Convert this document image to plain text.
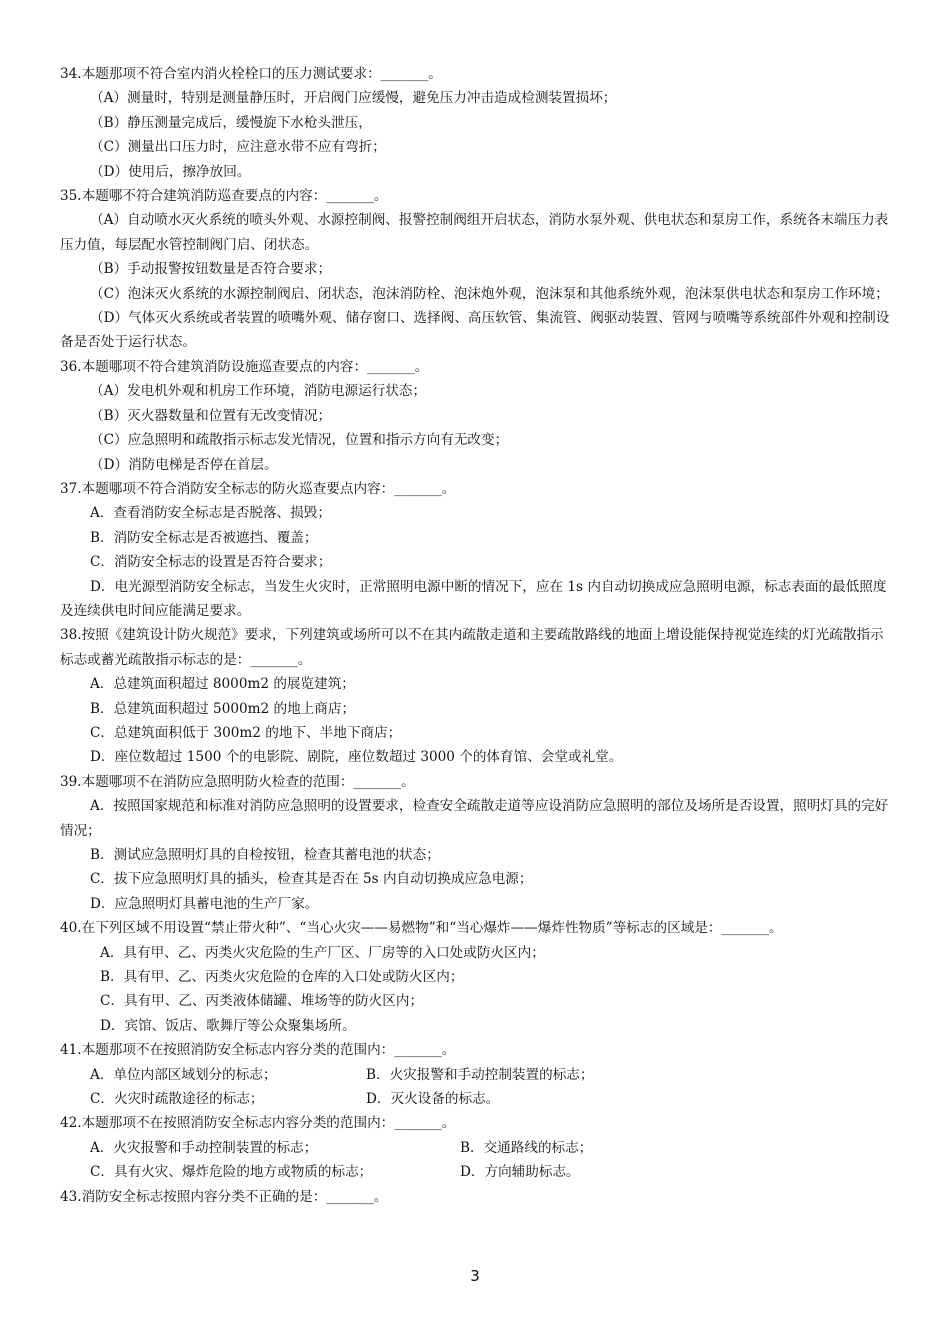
34.本题那项不符合室内消火栓栓口的压力测试要求：_______。
（A）测量时，特别是测量静压时，开启阀门应缓慢，避免压力冲击造成检测装置损坏；
（B）静压测量完成后，缓慢旋下水枪头泄压，
（C）测量出口压力时，应注意水带不应有弯折；
（D）使用后，擦净放回。
35.本题哪不符合建筑消防巡查要点的内容：_______。
（A）自动喷水灭火系统的喷头外观、水源控制阀、报警控制阀组开启状态，消防水泵外观、供电状态和泵房工作，系统各末端压力表压力值，每层配水管控制阀门启、闭状态。
（B）手动报警按钮数量是否符合要求；
（C）泡沫灭火系统的水源控制阀启、闭状态，泡沫消防栓、泡沫炮外观，泡沫泵和其他系统外观，泡沫泵供电状态和泵房工作环境；
（D）气体灭火系统或者装置的喷嘴外观、储存窗口、选择阀、高压软管、集流管、阀驱动装置、管网与喷嘴等系统部件外观和控制设备是否处于运行状态。
36.本题哪项不符合建筑消防设施巡查要点的内容：_______。
（A）发电机外观和机房工作环境，消防电源运行状态；
（B）灭火器数量和位置有无改变情况；
（C）应急照明和疏散指示标志发光情况，位置和指示方向有无改变；
（D）消防电梯是否停在首层。
37.本题哪项不符合消防安全标志的防火巡查要点内容：_______。
A．查看消防安全标志是否脱落、损毁；
B．消防安全标志是否被遮挡、覆盖；
C．消防安全标志的设置是否符合要求；
D．电光源型消防安全标志，当发生火灾时，正常照明电源中断的情况下，应在 1s 内自动切换成应急照明电源，标志表面的最低照度及连续供电时间应能满足要求。
38.按照《建筑设计防火规范》要求，下列建筑或场所可以不在其内疏散走道和主要疏散路线的地面上增设能保持视觉连续的灯光疏散指示标志或蓄光疏散指示标志的是：_______。
A．总建筑面积超过 8000m2 的展览建筑；
B．总建筑面积超过 5000m2 的地上商店；
C．总建筑面积低于 300m2 的地下、半地下商店；
D．座位数超过 1500 个的电影院、剧院，座位数超过 3000 个的体育馆、会堂或礼堂。
39.本题哪项不在消防应急照明防火检查的范围：_______。
A．按照国家规范和标准对消防应急照明的设置要求，检查安全疏散走道等应设消防应急照明的部位及场所是否设置，照明灯具的完好情况；
B．测试应急照明灯具的自检按钮，检查其蓄电池的状态；
C．拔下应急照明灯具的插头，检查其是否在 5s 内自动切换成应急电源；
D．应急照明灯具蓄电池的生产厂家。
40.在下列区域不用设置“禁止带火种”、“当心火灾——易燃物”和“当心爆炸——爆炸性物质”等标志的区域是：_______。
A．具有甲、乙、丙类火灾危险的生产厂区、厂房等的入口处或防火区内；
B．具有甲、乙、丙类火灾危险的仓库的入口处或防火区内；
C．具有甲、乙、丙类液体储罐、堆场等的防火区内；
D．宾馆、饭店、歌舞厅等公众聚集场所。
41.本题那项不在按照消防安全标志内容分类的范围内：_______。
A．单位内部区域划分的标志；	B．火灾报警和手动控制装置的标志；
C．火灾时疏散途径的标志；	D．灭火设备的标志。
42.本题那项不在按照消防安全标志内容分类的范围内：_______。
A．火灾报警和手动控制装置的标志；	B．交通路线的标志；
C．具有火灾、爆炸危险的地方或物质的标志；	D．方向辅助标志。
43.消防安全标志按照内容分类不正确的是：_______。
3
